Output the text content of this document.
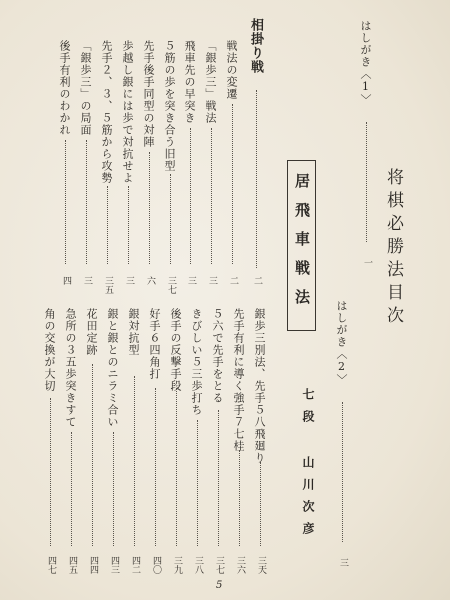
将棋必勝法目次
はしがき〈1〉
一
はしがき〈2〉
三
七段 山川次彦
居飛車戦法
相掛り戦
二
戦法の変遷
二
「銀歩三」戦法
三
飛車先の早突き
三
５筋の歩を突き合う旧型
三七
先手後手同型の対陣
六
歩越し銀には歩で対抗せよ
三
先手２、３、５筋から攻勢
三五
「銀歩三」の局面
三
後手有利のわかれ
四
銀歩三別法、先手５八飛廻り
三天
先手有利に導く強手７七桂
三六
５六で先手をとる
三七
きびしい５三歩打ち
三八
後手の反撃手段
三九
好手６四角打
四〇
銀対抗型
四二
銀と銀とのニラミ合い
四三
花田定跡
四四
急所の３五歩突きすて
四五
角の交換が大切
四七
5
